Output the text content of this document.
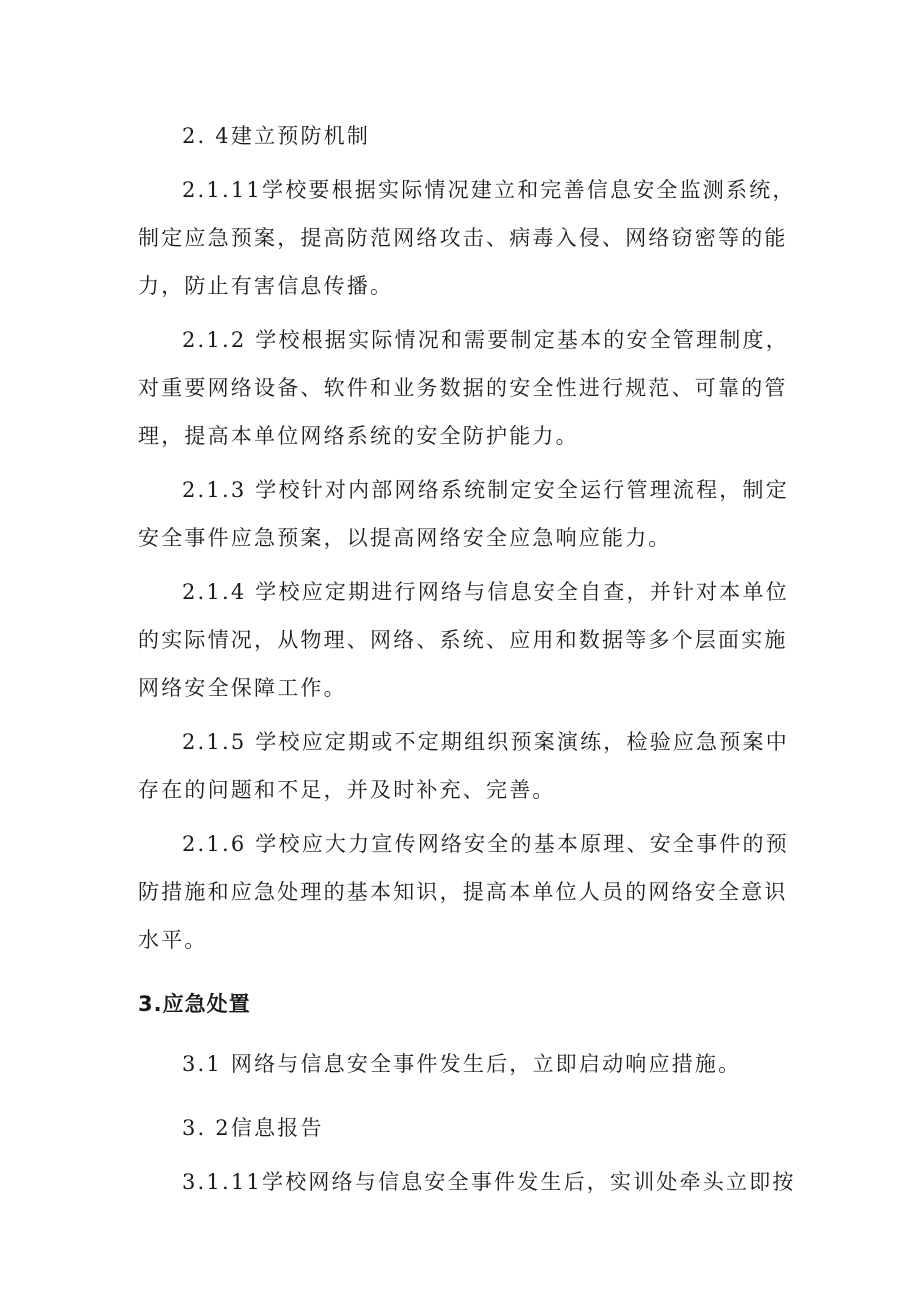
2. 4建立预防机制
2.1.11学校要根据实际情况建立和完善信息安全监测系统，
制定应急预案，提高防范网络攻击、病毒入侵、网络窃密等的能
力，防止有害信息传播。
2.1.2 学校根据实际情况和需要制定基本的安全管理制度，
对重要网络设备、软件和业务数据的安全性进行规范、可靠的管
理，提高本单位网络系统的安全防护能力。
2.1.3 学校针对内部网络系统制定安全运行管理流程，制定
安全事件应急预案，以提高网络安全应急响应能力。
2.1.4 学校应定期进行网络与信息安全自查，并针对本单位
的实际情况，从物理、网络、系统、应用和数据等多个层面实施
网络安全保障工作。
2.1.5 学校应定期或不定期组织预案演练，检验应急预案中
存在的问题和不足，并及时补充、完善。
2.1.6 学校应大力宣传网络安全的基本原理、安全事件的预
防措施和应急处理的基本知识，提高本单位人员的网络安全意识
水平。
3.应急处置
3.1 网络与信息安全事件发生后，立即启动响应措施。
3. 2信息报告
3.1.11学校网络与信息安全事件发生后，实训处牵头立即按
